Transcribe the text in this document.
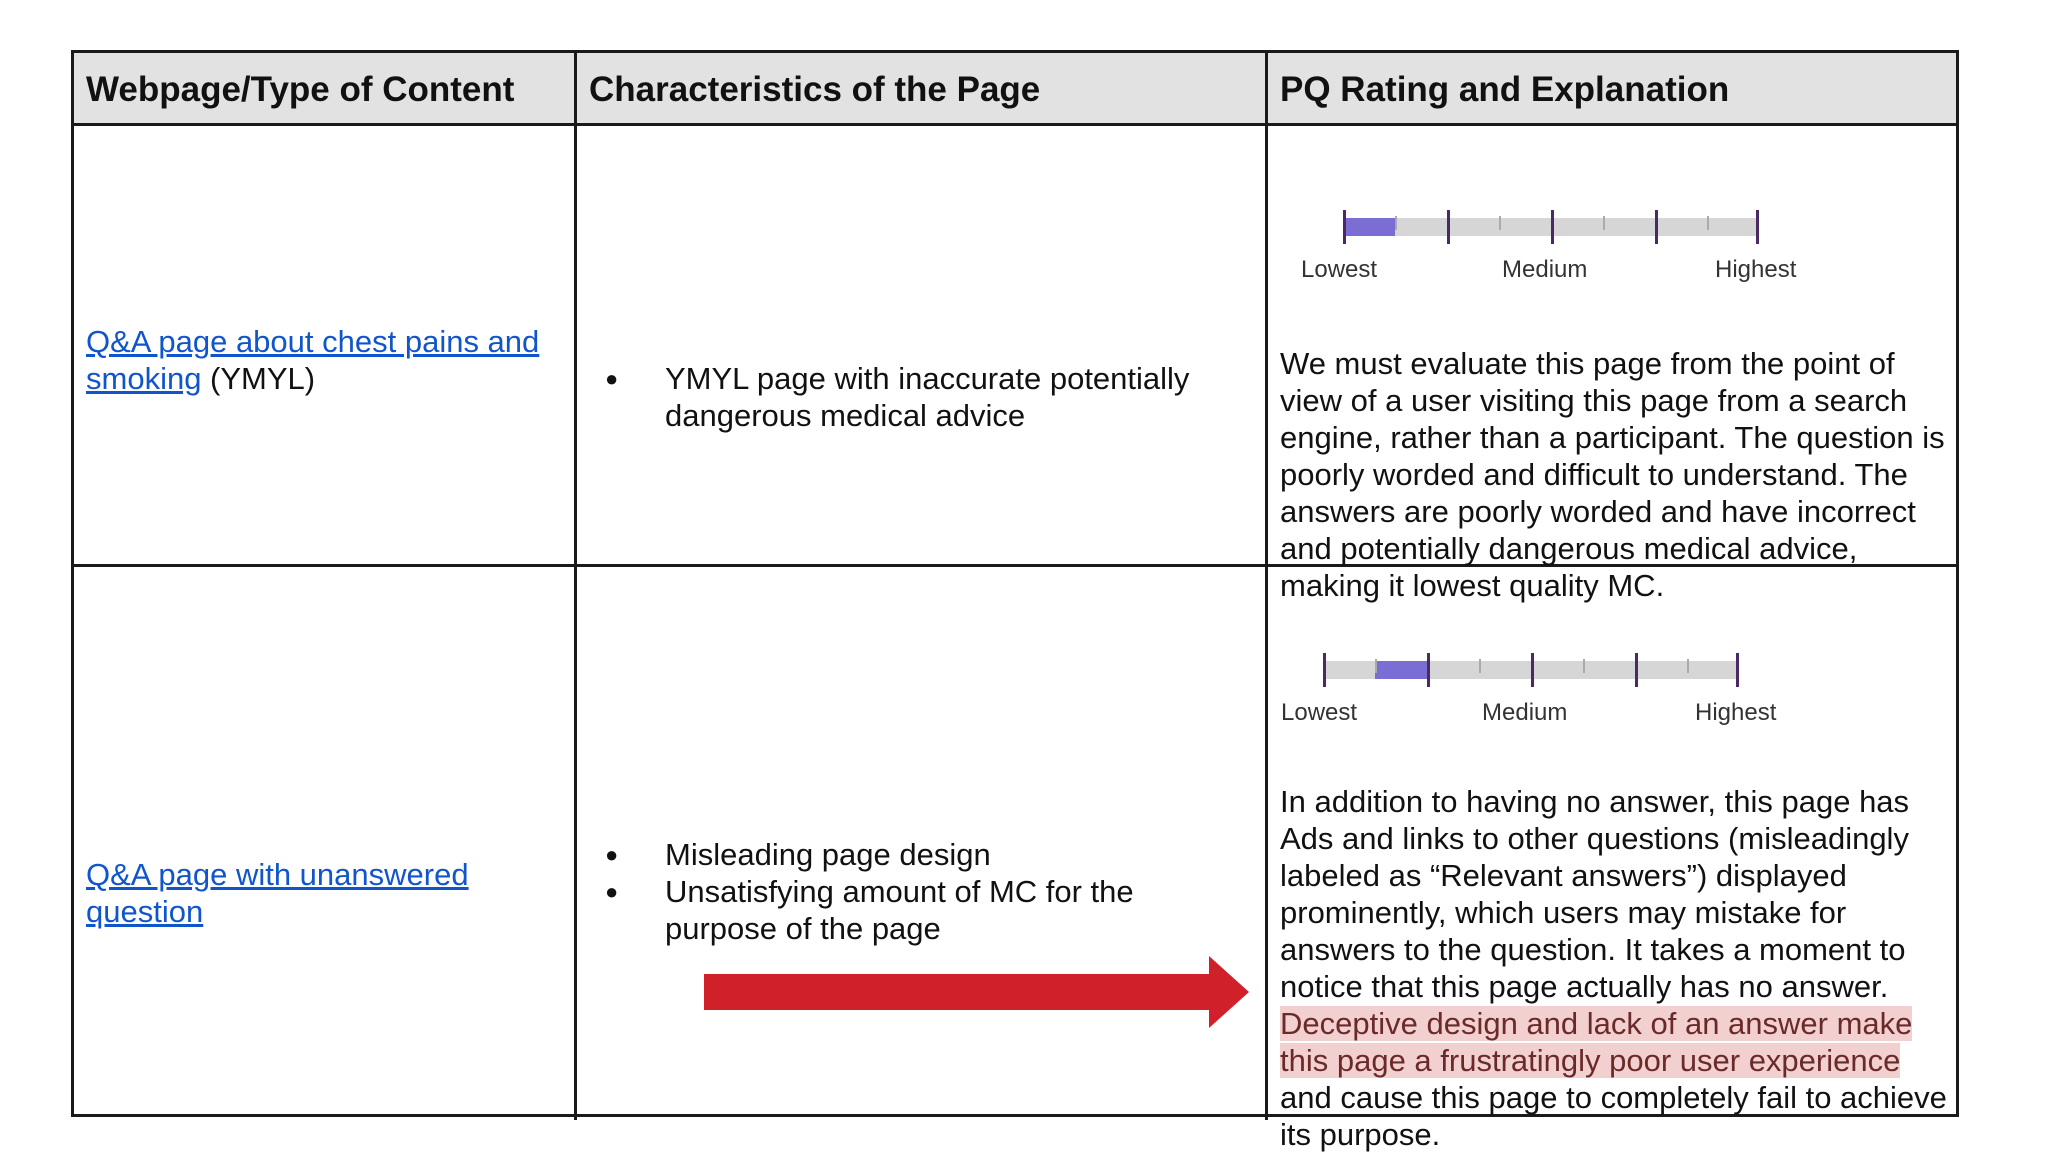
Webpage/Type of Content	Characteristics of the Page	PQ Rating and Explanation
Q&A page about chest pains and smoking (YMYL)
●	YMYL page with inaccurate potentially dangerous medical advice
Lowest	Medium	Highest

We must evaluate this page from the point of view of a user visiting this page from a search engine, rather than a participant. The question is poorly worded and difficult to understand. The answers are poorly worded and have incorrect and potentially dangerous medical advice, making it lowest quality MC.

Q&A page with unanswered question
● Misleading page design
● Unsatisfying amount of MC for the purpose of the page
Lowest	Medium	Highest

In addition to having no answer, this page has Ads and links to other questions (misleadingly labeled as “Relevant answers”) displayed prominently, which users may mistake for answers to the question. It takes a moment to notice that this page actually has no answer. Deceptive design and lack of an answer make this page a frustratingly poor user experience and cause this page to completely fail to achieve its purpose.
